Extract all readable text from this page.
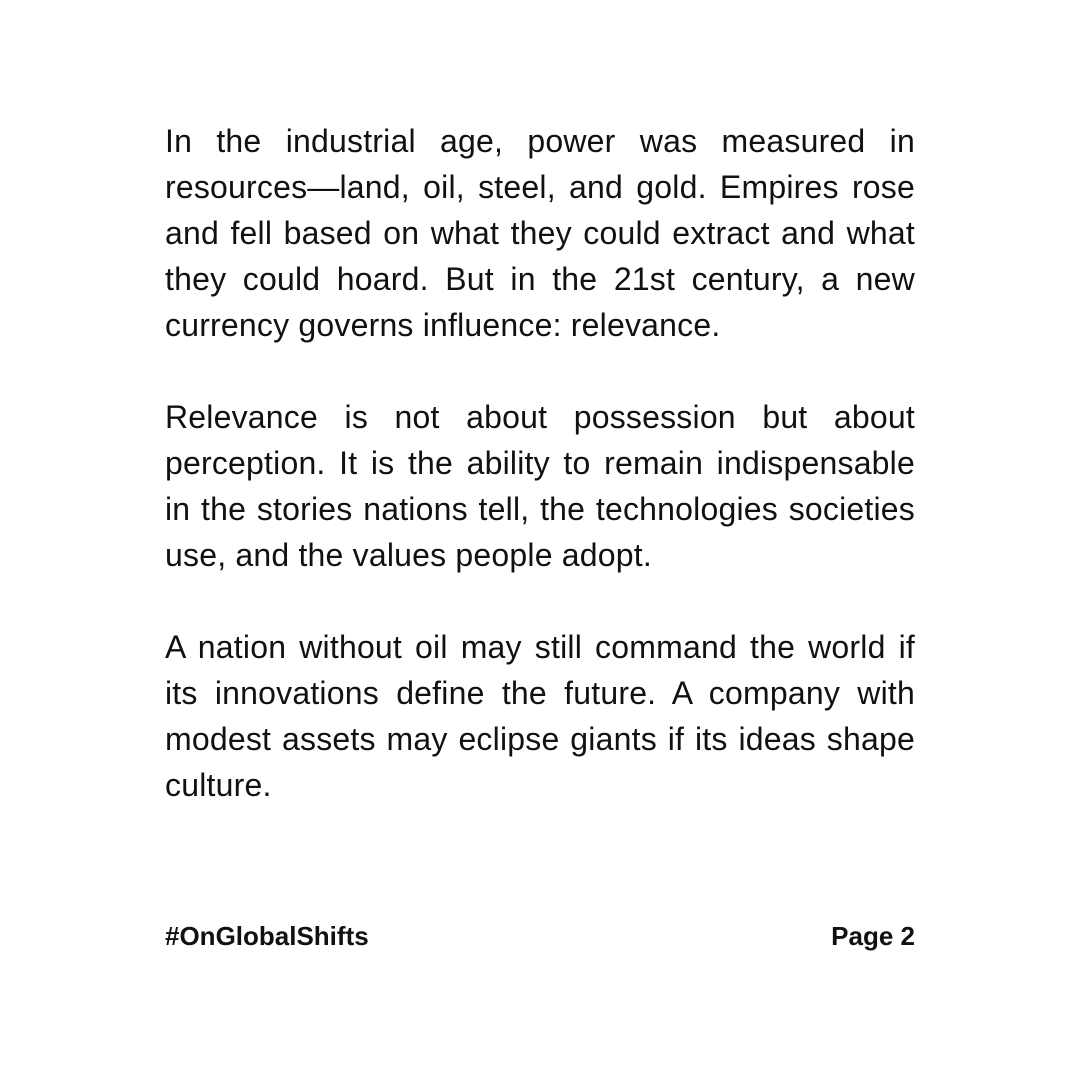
In the industrial age, power was measured in resources—land, oil, steel, and gold. Empires rose and fell based on what they could extract and what they could hoard. But in the 21st century, a new currency governs influence: relevance.

Relevance is not about possession but about perception. It is the ability to remain indispensable in the stories nations tell, the technologies societies use, and the values people adopt.

A nation without oil may still command the world if its innovations define the future. A company with modest assets may eclipse giants if its ideas shape culture.

#OnGlobalShifts	Page 2
